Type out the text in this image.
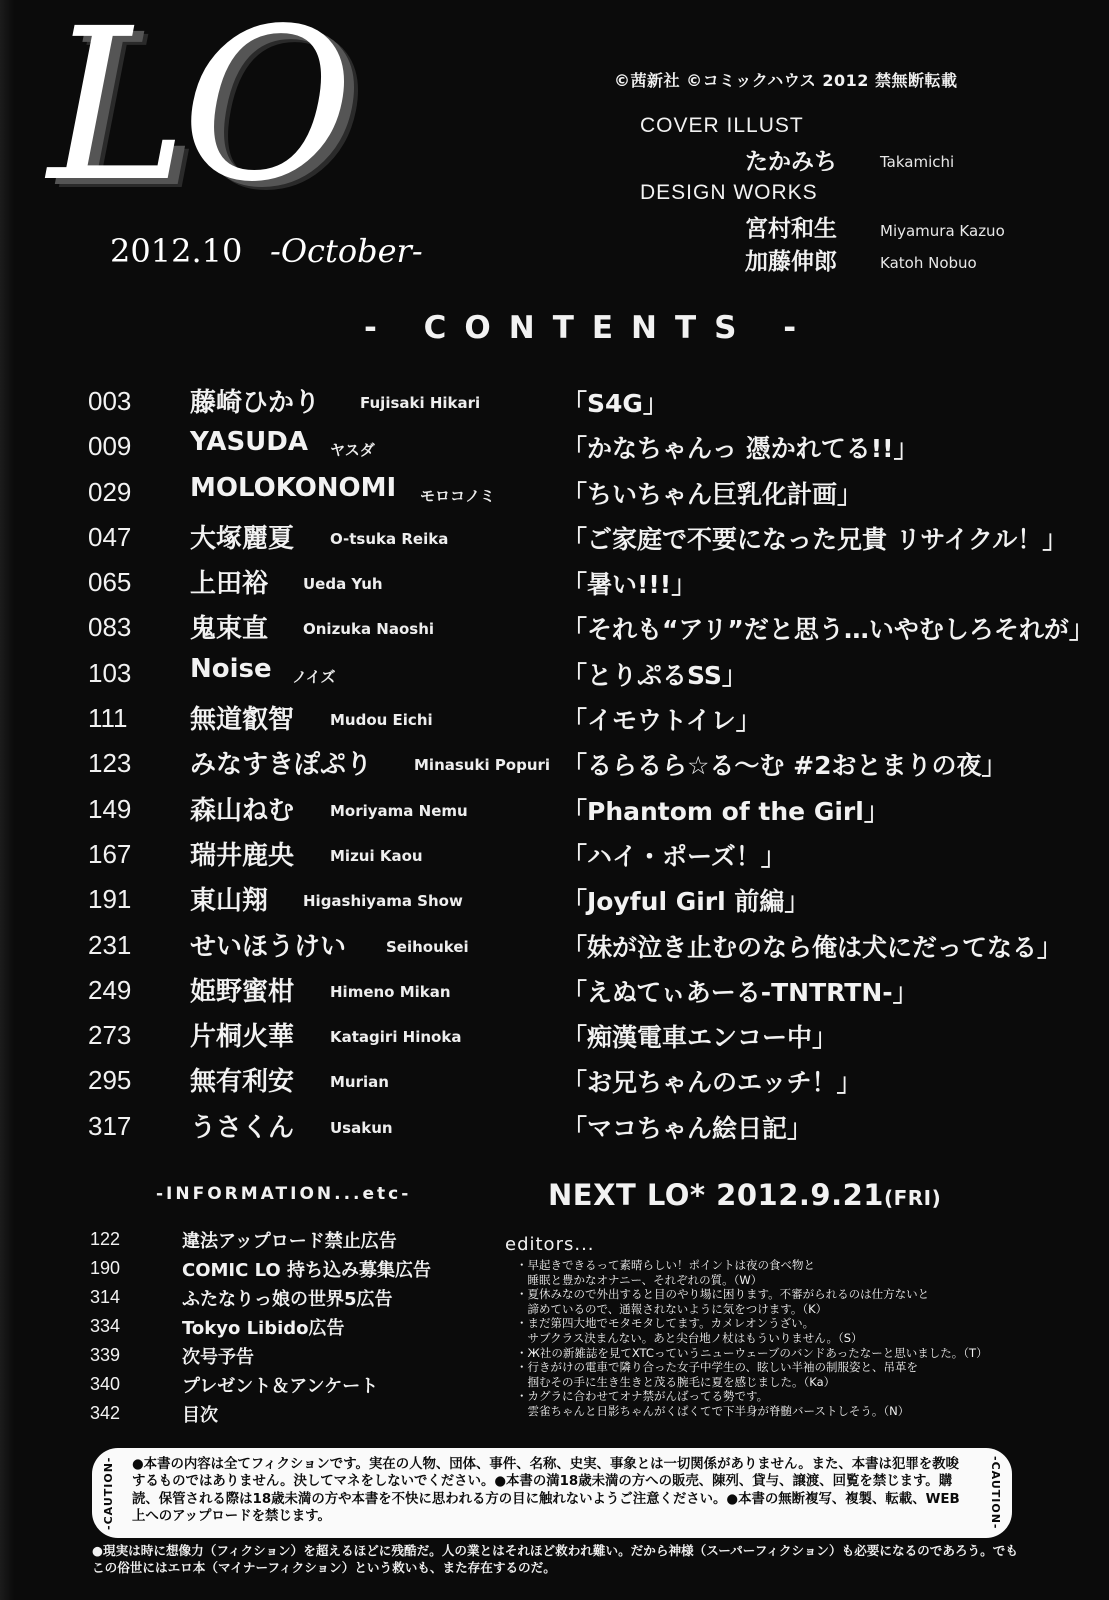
LO
2012.10 -October-
©茜新社 ©コミックハウス 2012 禁無断転載
COVER ILLUST
たかみち	Takamichi
DESIGN WORKS
宮村和生	Miyamura Kazuo
加藤伸郎	Katoh Nobuo
- CONTENTS -
003 藤崎ひかり	Fujisaki Hikari	「S4G」
009 YASUDA ヤスダ	「かなちゃんっ 憑かれてる!!」
029 MOLOKONOMI モロコノミ	「ちいちゃん巨乳化計画」
047 大塚麗夏 O-tsuka Reika	「ご家庭で不要になった兄貴 リサイクル！」
065 上田裕 Ueda Yuh	「暑い!!!」
083 鬼束直 Onizuka Naoshi	「それも“アリ”だと思う…いやむしろそれが」
103 Noise ノイズ	「とりぷるSS」
111 無道叡智 Mudou Eichi	「イモウトイレ」
123 みなすきぽぷり	Minasuki Popuri 「るらるら☆る～む #2おとまりの夜」
149 森山ねむ Moriyama Nemu	「Phantom of the Girl」
167 瑞井鹿央 Mizui Kaou	「ハイ・ポーズ！」
191 東山翔 Higashiyama Show	「Joyful Girl 前編」
231 せいほうけい	Seihoukei	「妹が泣き止むのなら俺は犬にだってなる」
249 姫野蜜柑 Himeno Mikan	「えぬてぃあーる-TNTRTN-」
273 片桐火華 Katagiri Hinoka	「痴漢電車エンコー中」
295 無有利安 Murian	「お兄ちゃんのエッチ！」
317 うさくん Usakun	「マコちゃん絵日記」
-INFORMATION...etc-	NEXT LO* 2012.9.21(FRI)
122	違法アップロード禁止広告
190	COMIC LO 持ち込み募集広告
314	ふたなりっ娘の世界5広告
334	Tokyo Libido広告
339	次号予告
340	プレゼント＆アンケート
342	目次
editors...
・早起きできるって素晴らしい！ポイントは夜の食べ物と
　睡眠と豊かなオナニー、それぞれの質。（W）
・夏休みなので外出すると目のやり場に困ります。不審がられるのは仕方ないと
　諦めているので、通報されないように気をつけます。（K）
・まだ第四大地でモタモタしてます。カメレオンうざい。
　サブクラス決まんない。あと尖台地ノ杖はもういりません。（S）
・Ж社の新雑誌を見てXTCっていうニューウェーブのバンドあったなーと思いました。（T）
・行きがけの電車で隣り合った女子中学生の、眩しい半袖の制服姿と、吊革を
　掴むその手に生き生きと茂る腕毛に夏を感じました。（Ka）
・カグラに合わせてオナ禁がんばってる勢です。
　雲雀ちゃんと日影ちゃんがくぱくてで下半身が脊髄バーストしそう。（N）
-CAUTION- ●本書の内容は全てフィクションです。実在の人物、団体、事件、名称、史実、事象とは一切関係がありません。また、本書は犯罪を教唆するものではありません。決してマネをしないでください。●本書の満18歳未満の方への販売、陳列、貸与、譲渡、回覧を禁じます。購読、保管される際は18歳未満の方や本書を不快に思われる方の目に触れないようご注意ください。●本書の無断複写、複製、転載、WEB上へのアップロードを禁じます。	-CAUTION-
●現実は時に想像力（フィクション）を超えるほどに残酷だ。人の業とはそれほど救われ難い。だから神様（スーパーフィクション）も必要になるのであろう。でもこの俗世にはエロ本（マイナーフィクション）という救いも、また存在するのだ。
